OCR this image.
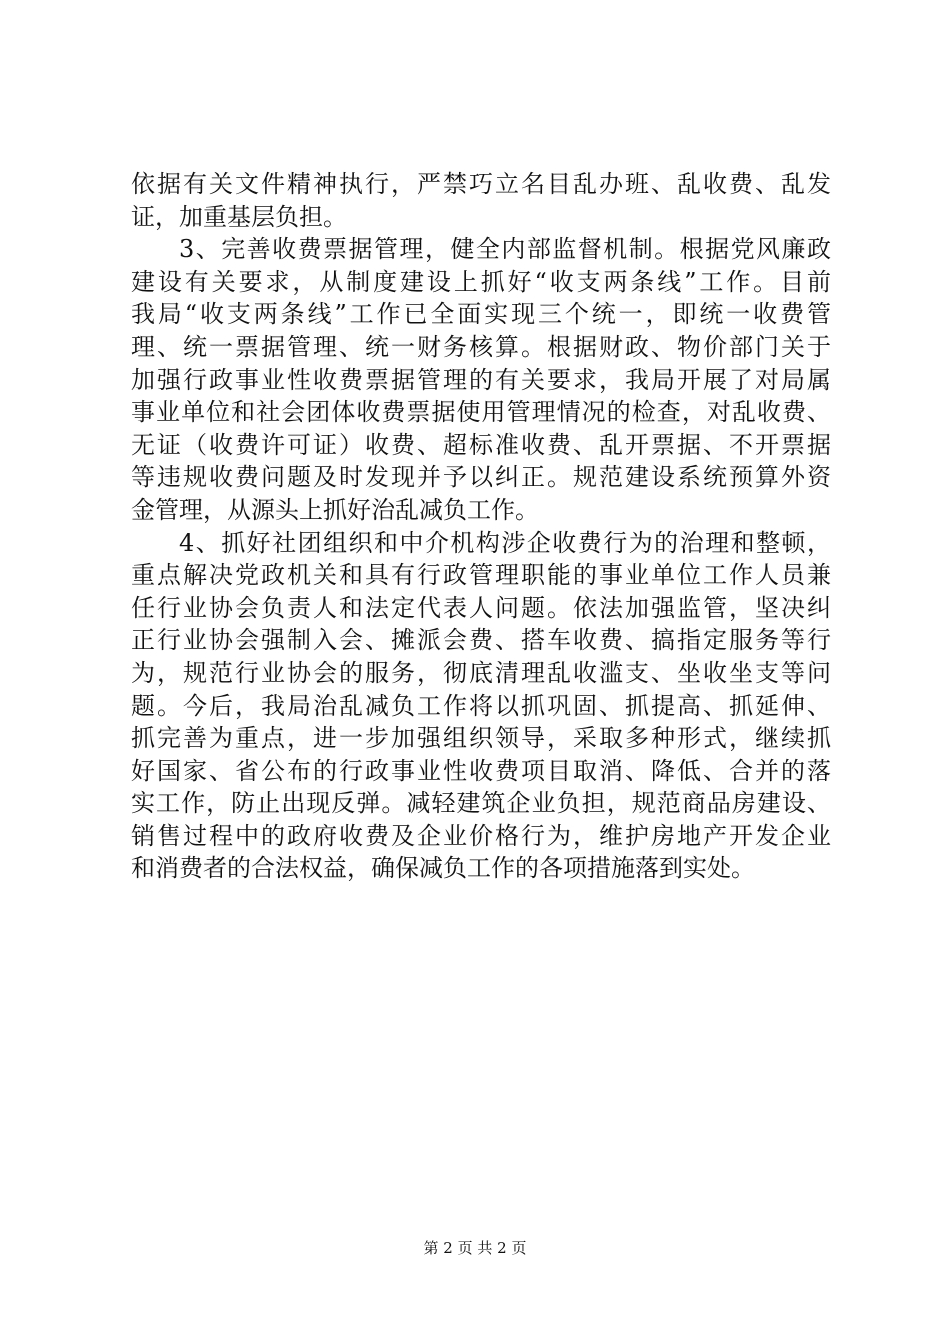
依据有关文件精神执行，严禁巧立名目乱办班、乱收费、乱发
证，加重基层负担。
3、完善收费票据管理，健全内部监督机制。根据党风廉政
建设有关要求，从制度建设上抓好“收支两条线”工作。目前
我局“收支两条线”工作已全面实现三个统一，即统一收费管
理、统一票据管理、统一财务核算。根据财政、物价部门关于
加强行政事业性收费票据管理的有关要求，我局开展了对局属
事业单位和社会团体收费票据使用管理情况的检查，对乱收费、
无证（收费许可证）收费、超标准收费、乱开票据、不开票据
等违规收费问题及时发现并予以纠正。规范建设系统预算外资
金管理，从源头上抓好治乱减负工作。
4、抓好社团组织和中介机构涉企收费行为的治理和整顿，
重点解决党政机关和具有行政管理职能的事业单位工作人员兼
任行业协会负责人和法定代表人问题。依法加强监管，坚决纠
正行业协会强制入会、摊派会费、搭车收费、搞指定服务等行
为，规范行业协会的服务，彻底清理乱收滥支、坐收坐支等问
题。今后，我局治乱减负工作将以抓巩固、抓提高、抓延伸、
抓完善为重点，进一步加强组织领导，采取多种形式，继续抓
好国家、省公布的行政事业性收费项目取消、降低、合并的落
实工作，防止出现反弹。减轻建筑企业负担，规范商品房建设、
销售过程中的政府收费及企业价格行为，维护房地产开发企业
和消费者的合法权益，确保减负工作的各项措施落到实处。
第 2 页 共 2 页
